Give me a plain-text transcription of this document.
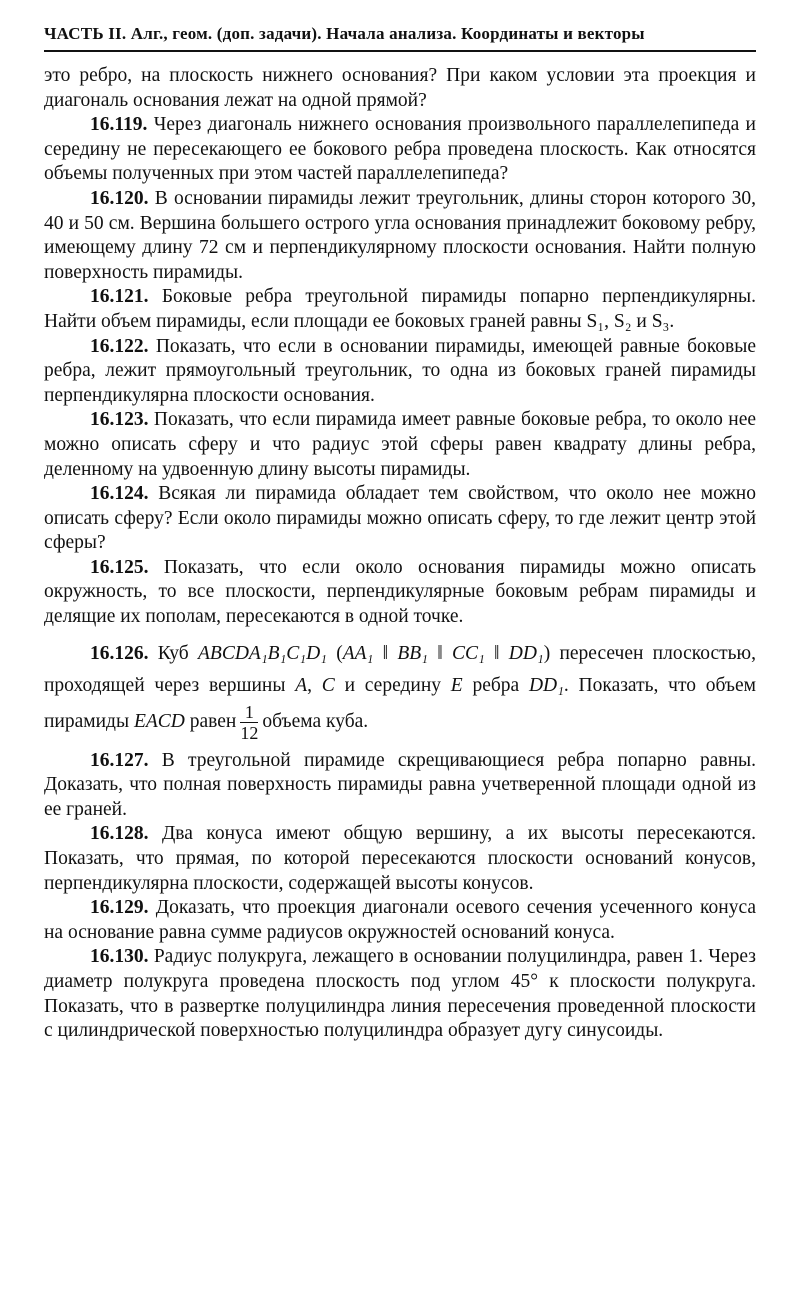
ЧАСТЬ II. Алг., геом. (доп. задачи). Начала анализа. Координаты и векторы

это ребро, на плоскость нижнего основания? При каком условии эта проекция и диагональ основания лежат на одной прямой?

16.119. Через диагональ нижнего основания произвольного параллелепипеда и середину не пересекающего ее бокового ребра проведена плоскость. Как относятся объемы полученных при этом частей параллелепипеда?

16.120. В основании пирамиды лежит треугольник, длины сторон которого 30, 40 и 50 см. Вершина большего острого угла основания принадлежит боковому ребру, имеющему длину 72 см и перпендикулярному плоскости основания. Найти полную поверхность пирамиды.

16.121. Боковые ребра треугольной пирамиды попарно перпендикулярны. Найти объем пирамиды, если площади ее боковых граней равны S₁, S₂ и S₃.

16.122. Показать, что если в основании пирамиды, имеющей равные боковые ребра, лежит прямоугольный треугольник, то одна из боковых граней пирамиды перпендикулярна плоскости основания.

16.123. Показать, что если пирамида имеет равные боковые ребра, то около нее можно описать сферу и что радиус этой сферы равен квадрату длины ребра, деленному на удвоенную длину высоты пирамиды.

16.124. Всякая ли пирамида обладает тем свойством, что около нее можно описать сферу? Если около пирамиды можно описать сферу, то где лежит центр этой сферы?

16.125. Показать, что если около основания пирамиды можно описать окружность, то все плоскости, перпендикулярные боковым ребрам пирамиды и делящие их пополам, пересекаются в одной точке.

16.126. Куб ABCDA₁B₁C₁D₁ (AA₁ ‖ BB₁ ‖ CC₁ ‖ DD₁) пересечен плоскостью, проходящей через вершины A, C и середину E ребра DD₁. Показать, что объем пирамиды EACD равен $\frac{1}{12}$ объема куба.

16.127. В треугольной пирамиде скрещивающиеся ребра попарно равны. Доказать, что полная поверхность пирамиды равна учетверенной площади одной из ее граней.

16.128. Два конуса имеют общую вершину, а их высоты пересекаются. Показать, что прямая, по которой пересекаются плоскости оснований конусов, перпендикулярна плоскости, содержащей высоты конусов.

16.129. Доказать, что проекция диагонали осевого сечения усеченного конуса на основание равна сумме радиусов окружностей оснований конуса.

16.130. Радиус полукруга, лежащего в основании полуцилиндра, равен 1. Через диаметр полукруга проведена плоскость под углом 45° к плоскости полукруга. Показать, что в развертке полуцилиндра линия пересечения проведенной плоскости с цилиндрической поверхностью полуцилиндра образует дугу синусоиды.
